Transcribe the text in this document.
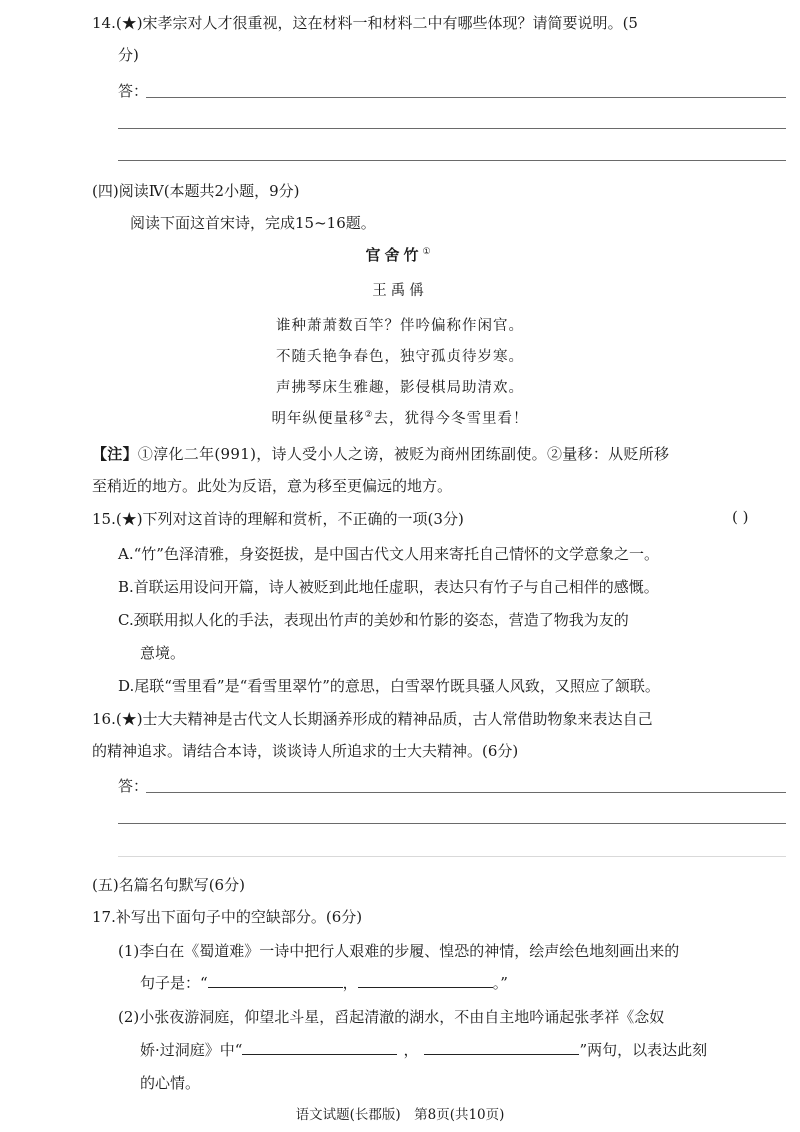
14.(★)宋孝宗对人才很重视，这在材料一和材料二中有哪些体现？请简要说明。(5
分)
答：
(四)阅读Ⅳ(本题共2小题，9分)
阅读下面这首宋诗，完成15~16题。
官舍竹①
王禹偁
谁种萧萧数百竿？伴吟偏称作闲官。
不随夭艳争春色，独守孤贞待岁寒。
声拂琴床生雅趣，影侵棋局助清欢。
明年纵便量移②去，犹得今冬雪里看！
【注】①淳化二年(991)，诗人受小人之谤，被贬为商州团练副使。②量移：从贬所移
至稍近的地方。此处为反语，意为移至更偏远的地方。
15.(★)下列对这首诗的理解和赏析，不正确的一项(3分)	( )
A.“竹”色泽清雅，身姿挺拔，是中国古代文人用来寄托自己情怀的文学意象之一。
B.首联运用设问开篇，诗人被贬到此地任虚职，表达只有竹子与自己相伴的感慨。
C.颈联用拟人化的手法，表现出竹声的美妙和竹影的姿态，营造了物我为友的
意境。
D.尾联“雪里看”是“看雪里翠竹”的意思，白雪翠竹既具骚人风致，又照应了颔联。
16.(★)士大夫精神是古代文人长期涵养形成的精神品质，古人常借助物象来表达自己
的精神追求。请结合本诗，谈谈诗人所追求的士大夫精神。(6分)
答：
(五)名篇名句默写(6分)
17.补写出下面句子中的空缺部分。(6分)
(1)李白在《蜀道难》一诗中把行人艰难的步履、惶恐的神情，绘声绘色地刻画出来的
句子是：“	，	。”
(2)小张夜游洞庭，仰望北斗星，舀起清澈的湖水，不由自主地吟诵起张孝祥《念奴
娇·过洞庭》中“	，	”两句，以表达此刻
的心情。
语文试题(长郡版)　第8页(共10页)
